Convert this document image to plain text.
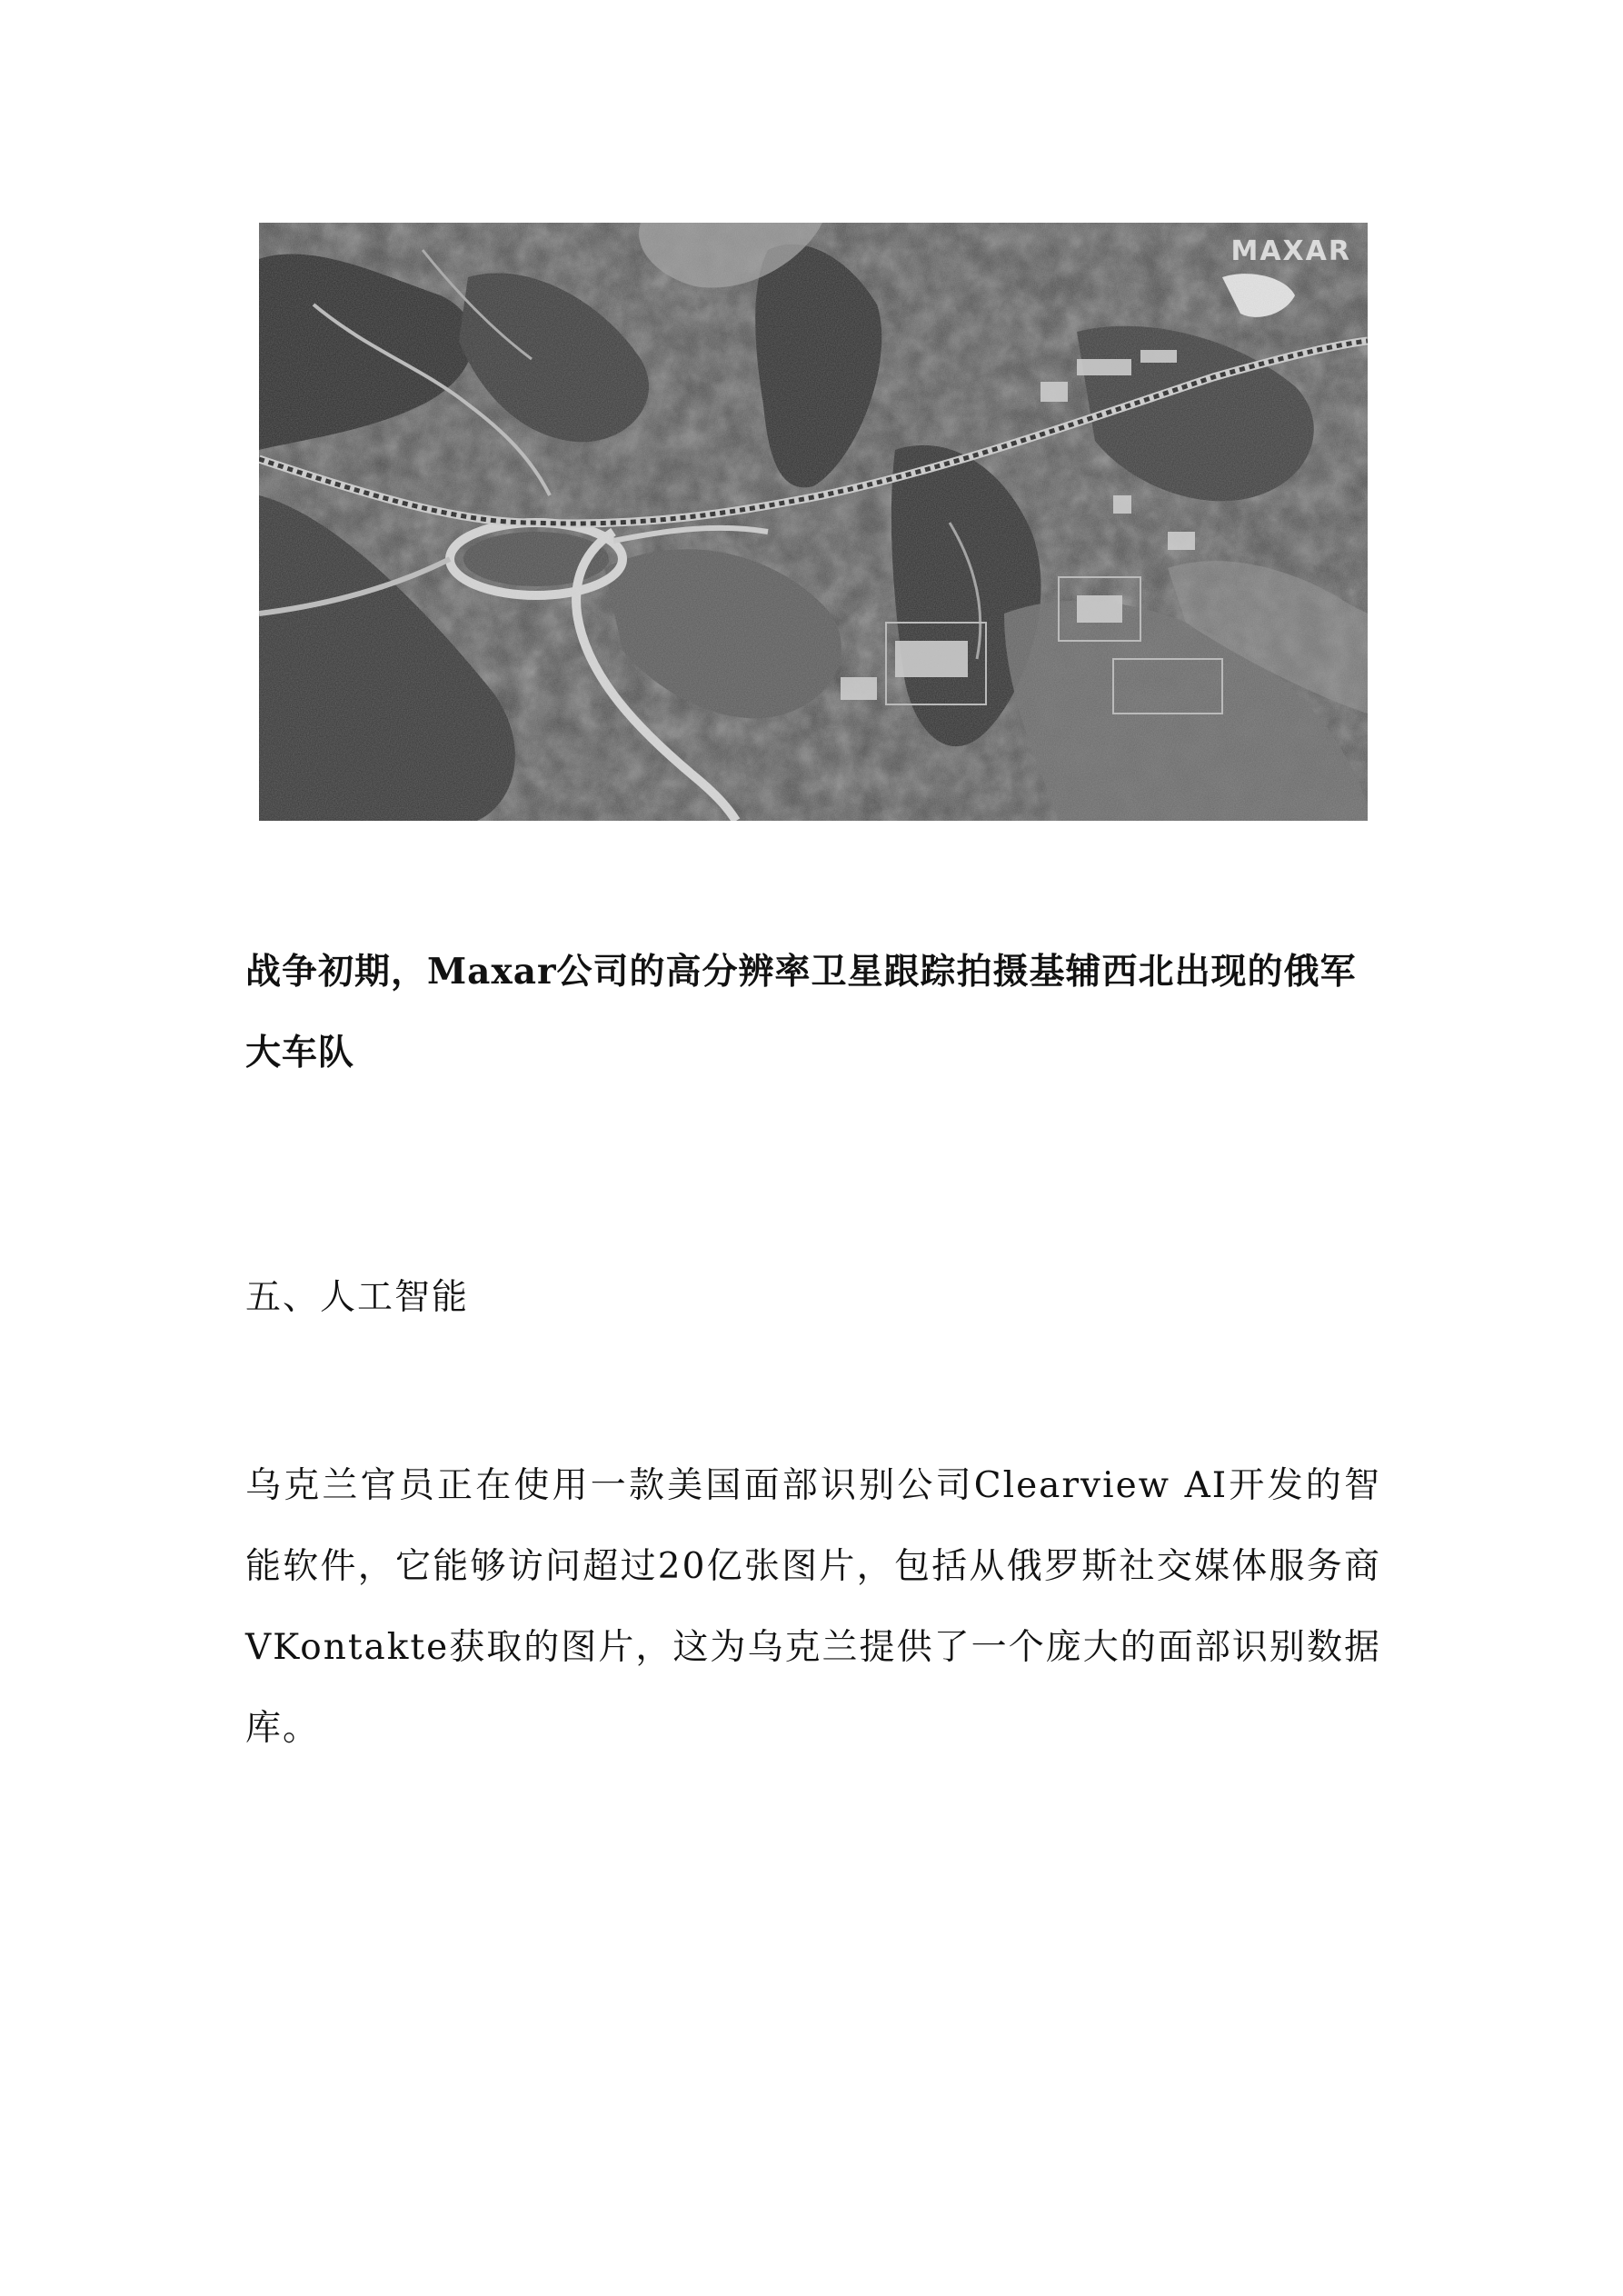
MAXAR

战争初期，Maxar公司的高分辨率卫星跟踪拍摄基辅西北出现的俄军大车队

五、人工智能

乌克兰官员正在使用一款美国面部识别公司Clearview AI开发的智能软件，它能够访问超过20亿张图片，包括从俄罗斯社交媒体服务商VKontakte获取的图片，这为乌克兰提供了一个庞大的面部识别数据库。
